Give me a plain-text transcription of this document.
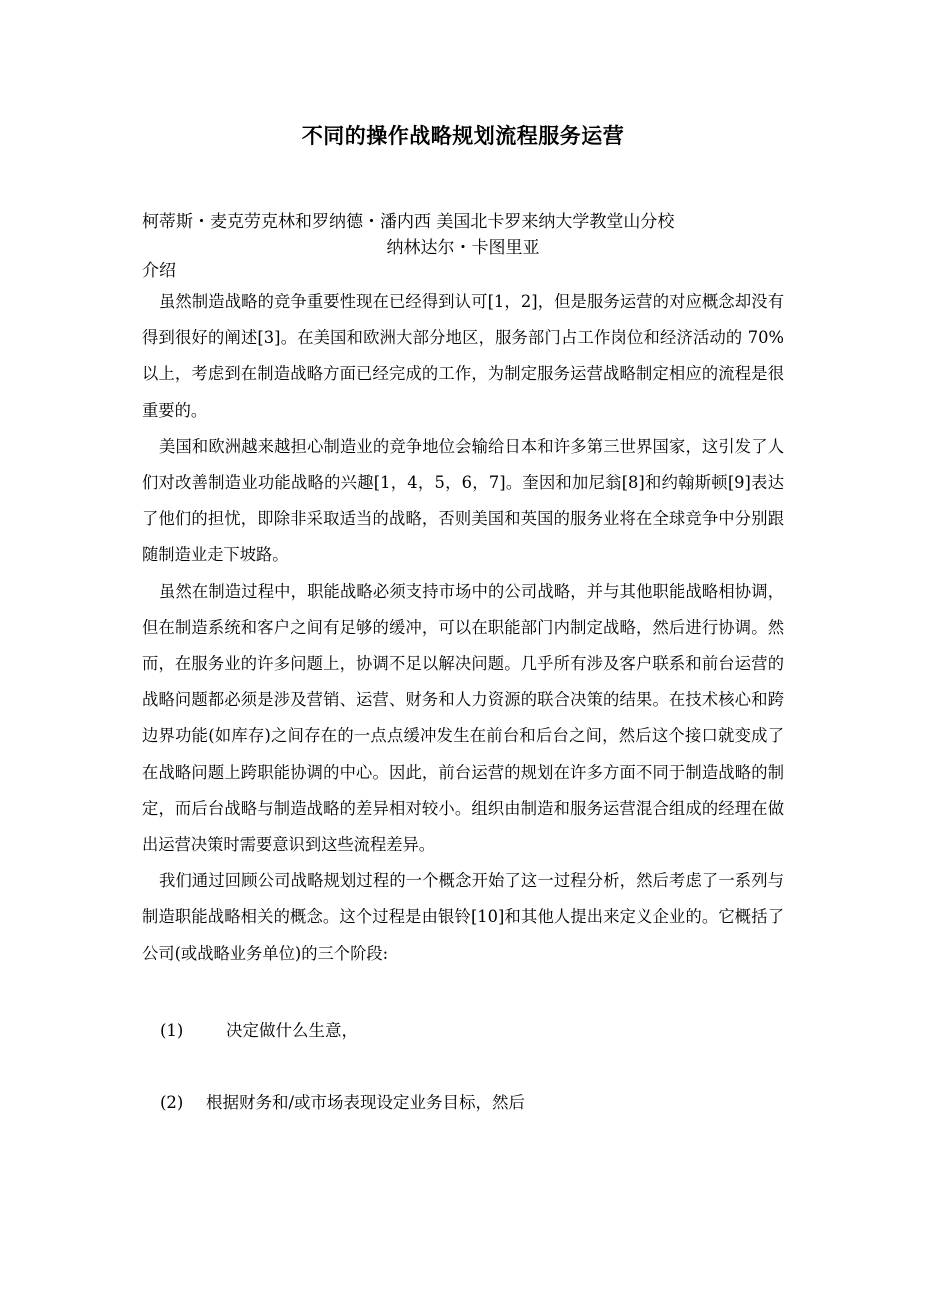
不同的操作战略规划流程服务运营
柯蒂斯・麦克劳克林和罗纳德・潘内西 美国北卡罗来纳大学教堂山分校
纳林达尔・卡图里亚
介绍

虽然制造战略的竞争重要性现在已经得到认可[1，2]，但是服务运营的对应概念却没有得到很好的阐述[3]。在美国和欧洲大部分地区，服务部门占工作岗位和经济活动的 70%以上，考虑到在制造战略方面已经完成的工作，为制定服务运营战略制定相应的流程是很重要的。

美国和欧洲越来越担心制造业的竞争地位会输给日本和许多第三世界国家，这引发了人们对改善制造业功能战略的兴趣[1，4，5，6，7]。奎因和加尼翁[8]和约翰斯顿[9]表达了他们的担忧，即除非采取适当的战略，否则美国和英国的服务业将在全球竞争中分别跟随制造业走下坡路。

虽然在制造过程中，职能战略必须支持市场中的公司战略，并与其他职能战略相协调，但在制造系统和客户之间有足够的缓冲，可以在职能部门内制定战略，然后进行协调。然而，在服务业的许多问题上，协调不足以解决问题。几乎所有涉及客户联系和前台运营的战略问题都必须是涉及营销、运营、财务和人力资源的联合决策的结果。在技术核心和跨边界功能(如库存)之间存在的一点点缓冲发生在前台和后台之间，然后这个接口就变成了在战略问题上跨职能协调的中心。因此，前台运营的规划在许多方面不同于制造战略的制定，而后台战略与制造战略的差异相对较小。组织由制造和服务运营混合组成的经理在做出运营决策时需要意识到这些流程差异。

我们通过回顾公司战略规划过程的一个概念开始了这一过程分析，然后考虑了一系列与制造职能战略相关的概念。这个过程是由银铃[10]和其他人提出来定义企业的。它概括了公司(或战略业务单位)的三个阶段:

(1)	决定做什么生意，
(2) 根据财务和/或市场表现设定业务目标，然后
